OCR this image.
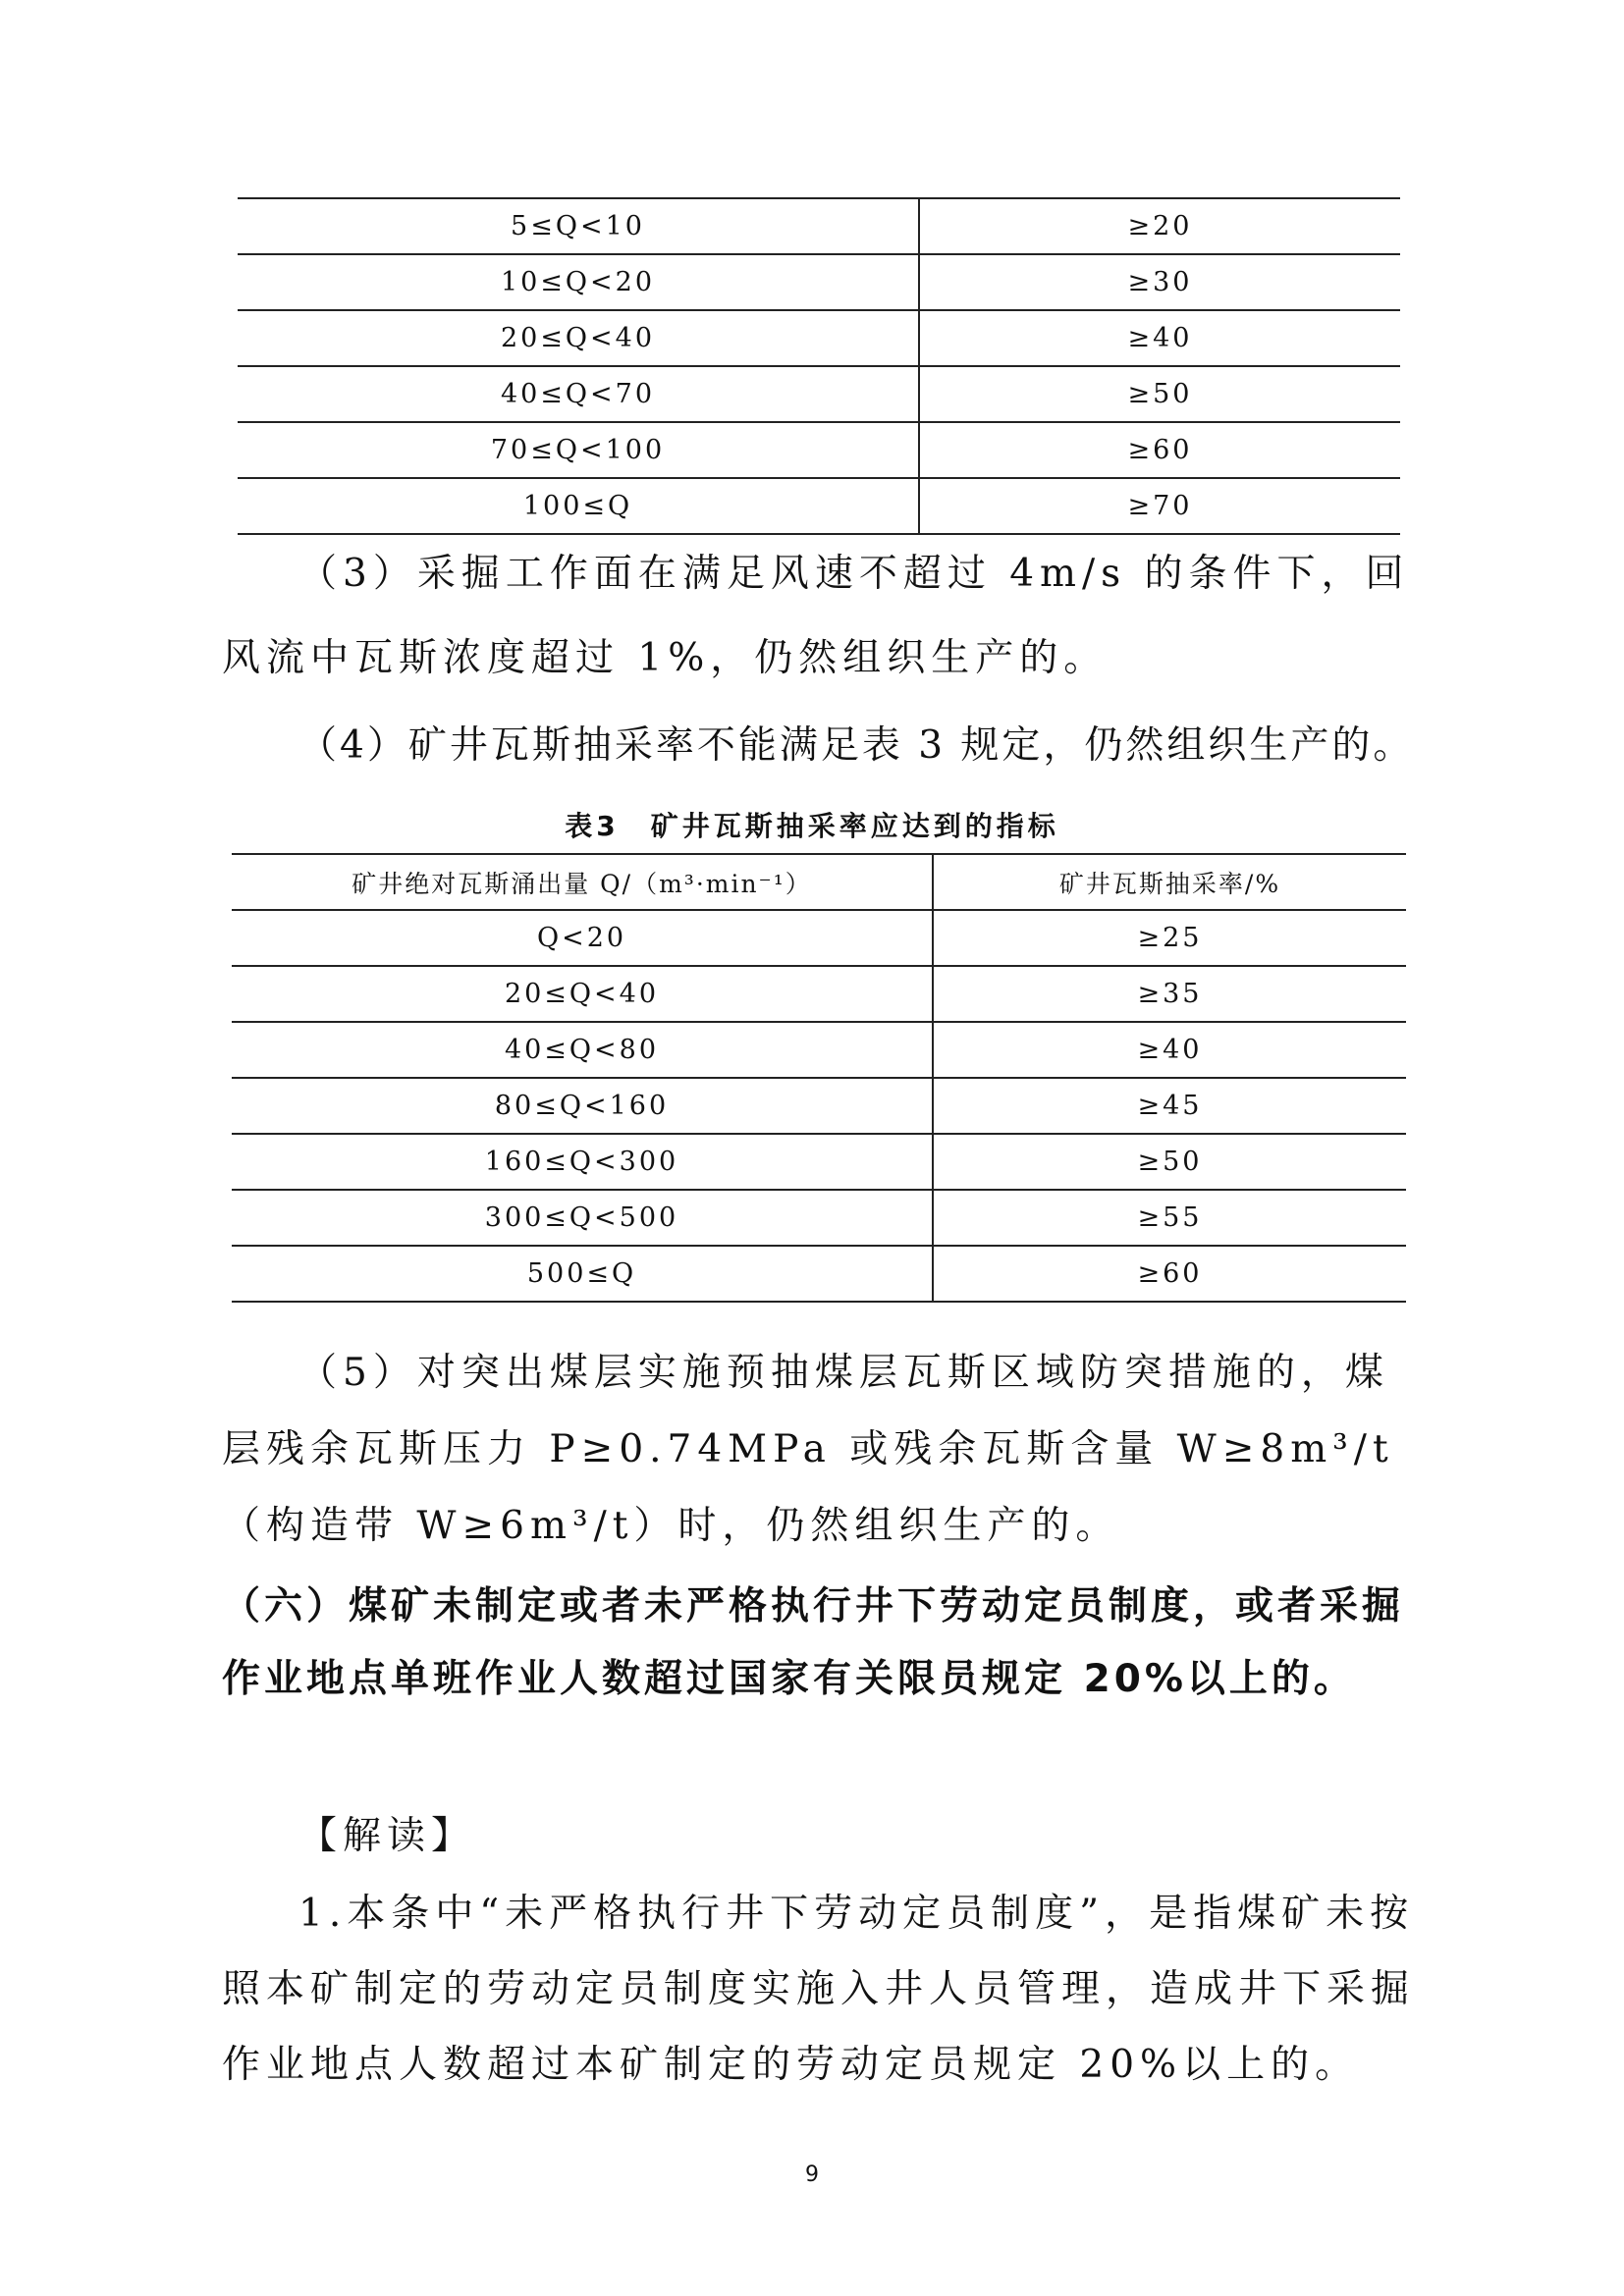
5≤Q<10	≥20
10≤Q<20	≥30
20≤Q<40	≥40
40≤Q<70	≥50
70≤Q<100	≥60
100≤Q	≥70

（3）采掘工作面在满足风速不超过 4m/s 的条件下，回风流中瓦斯浓度超过 1%，仍然组织生产的。

（4）矿井瓦斯抽采率不能满足表 3 规定，仍然组织生产的。

表3　矿井瓦斯抽采率应达到的指标
矿井绝对瓦斯涌出量 Q/（m³·min⁻¹）	矿井瓦斯抽采率/%
Q<20	≥25
20≤Q<40	≥35
40≤Q<80	≥40
80≤Q<160	≥45
160≤Q<300	≥50
300≤Q<500	≥55
500≤Q	≥60

（5）对突出煤层实施预抽煤层瓦斯区域防突措施的，煤层残余瓦斯压力 P≥0.74MPa 或残余瓦斯含量 W≥8m³/t（构造带 W≥6m³/t）时，仍然组织生产的。

（六）煤矿未制定或者未严格执行井下劳动定员制度，或者采掘作业地点单班作业人数超过国家有关限员规定 20%以上的。

【解读】

1.本条中“未严格执行井下劳动定员制度”，是指煤矿未按照本矿制定的劳动定员制度实施入井人员管理，造成井下采掘作业地点人数超过本矿制定的劳动定员规定 20%以上的。

9
